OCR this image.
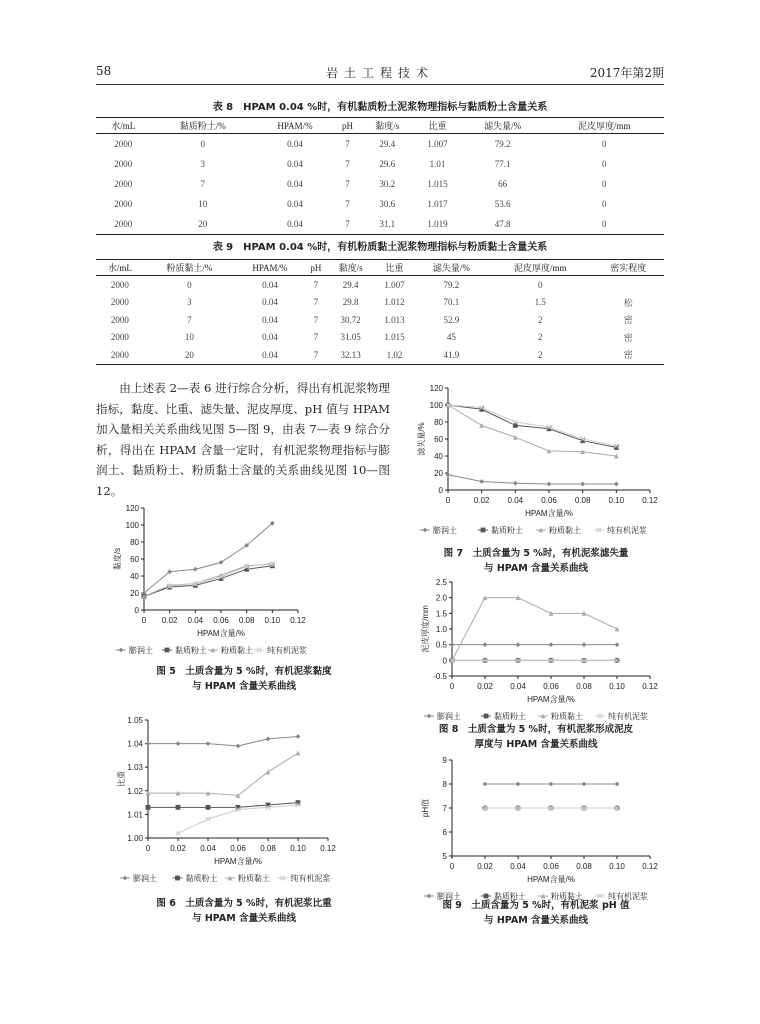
58	岩土工程技术	2017年第2期
表 8　HPAM 0.04 %时，有机黏质粉土泥浆物理指标与黏质粉土含量关系
水/mL	黏质粉土/%	HPAM/%	pH	黏度/s	比重	滤失量/%	泥皮厚度/mm
2000	0	0.04	7	29.4	1.007	79.2	0
2000	3	0.04	7	29.6	1.01	77.1	0
2000	7	0.04	7	30.2	1.015	66	0
2000	10	0.04	7	30.6	1.017	53.6	0
2000	20	0.04	7	31.1	1.019	47.8	0
表 9　HPAM 0.04 %时，有机粉质黏土泥浆物理指标与粉质黏土含量关系
水/mL	粉质黏土/%	HPAM/%	pH	黏度/s	比重	滤失量/%	泥皮厚度/mm	密实程度
2000	0	0.04	7	29.4	1.007	79.2	0	
2000	3	0.04	7	29.8	1.012	70.1	1.5	松
2000	7	0.04	7	30.72	1.013	52.9	2	密
2000	10	0.04	7	31.05	1.015	45	2	密
2000	20	0.04	7	32.13	1.02	41.9	2	密
由上述表 2—表 6 进行综合分析，得出有机泥浆物理指标，黏度、比重、滤失量、泥皮厚度、pH 值与 HPAM 加入量相关关系曲线见图 5—图 9，由表 7—表 9 综合分析，得出在 HPAM 含量一定时，有机泥浆物理指标与膨润土、黏质粉土、粉质黏土含量的关系曲线见图 10—图 12。
0
20
40
60
80
100
120
0 0.02 0.04 0.06 0.08 0.10 0.12
HPAM含量/%
黏度/s
膨润土	黏质粉土 粉质黏土 纯有机泥浆
图 5　土质含量为 5 %时，有机泥浆黏度
与 HPAM 含量关系曲线
1.00
1.01
1.02
1.03
1.04
1.05
0 0.02 0.04 0.06 0.08 0.10 0.12
HPAM含量/%
比重
膨润土	黏质粉土	粉质黏土	纯有机泥浆
图 6　土质含量为 5 %时，有机泥浆比重
与 HPAM 含量关系曲线
0
20
40
60
80
100
120
0	0.02 0.04 0.06 0.08 0.10 0.12
HPAM含量/%
滤失量/%
膨润土	黏质粉土	粉质黏土	纯有机泥浆
图 7　土质含量为 5 %时，有机泥浆滤失量
与 HPAM 含量关系曲线
-0.5
0
0.5
1.0
1.5
2.0
2.5
0	0.02 0.04 0.06 0.08 0.10 0.12
HPAM含量/%
泥皮厚度/mm
膨润土	黏质粉土	粉质黏土	纯有机泥浆
图 8　土质含量为 5 %时，有机泥浆形成泥皮
厚度与 HPAM 含量关系曲线
5
6
7
8
9
0	0.02 0.04 0.06 0.08 0.10 0.12
HPAM含量/%
pH值
膨润土	黏质粉土	粉质黏土	纯有机泥浆
图 9　土质含量为 5 %时，有机泥浆 pH 值
与 HPAM 含量关系曲线
